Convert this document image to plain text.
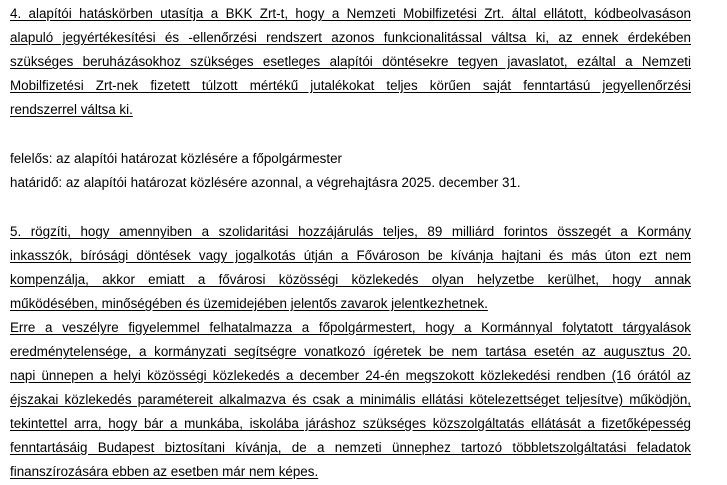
4. alapítói hatáskörben utasítja a BKK Zrt-t, hogy a Nemzeti Mobilfizetési Zrt. által ellátott, kódbeolvasáson
alapuló jegyértékesítési és -ellenőrzési rendszert azonos funkcionalitással váltsa ki, az ennek érdekében
szükséges beruházásokhoz szükséges esetleges alapítói döntésekre tegyen javaslatot, ezáltal a Nemzeti
Mobilfizetési Zrt-nek fizetett túlzott mértékű jutalékokat teljes körűen saját fenntartású jegyellenőrzési
rendszerrel váltsa ki.
felelős: az alapítói határozat közlésére a főpolgármester
határidő: az alapítói határozat közlésére azonnal, a végrehajtásra 2025. december 31.
5. rögzíti, hogy amennyiben a szolidaritási hozzájárulás teljes, 89 milliárd forintos összegét a Kormány
inkasszók, bírósági döntések vagy jogalkotás útján a Fővároson be kívánja hajtani és más úton ezt nem
kompenzálja, akkor emiatt a fővárosi közösségi közlekedés olyan helyzetbe kerülhet, hogy annak
működésében, minőségében és üzemidejében jelentős zavarok jelentkezhetnek.
Erre a veszélyre figyelemmel felhatalmazza a főpolgármestert, hogy a Kormánnyal folytatott tárgyalások
eredménytelensége, a kormányzati segítségre vonatkozó ígéretek be nem tartása esetén az augusztus 20.
napi ünnepen a helyi közösségi közlekedés a december 24-én megszokott közlekedési rendben (16 órától az
éjszakai közlekedés paramétereit alkalmazva és csak a minimális ellátási kötelezettséget teljesítve) működjön,
tekintettel arra, hogy bár a munkába, iskolába járáshoz szükséges közszolgáltatás ellátását a fizetőképesség
fenntartásáig Budapest biztosítani kívánja, de a nemzeti ünnephez tartozó többletszolgáltatási feladatok
finanszírozására ebben az esetben már nem képes.
